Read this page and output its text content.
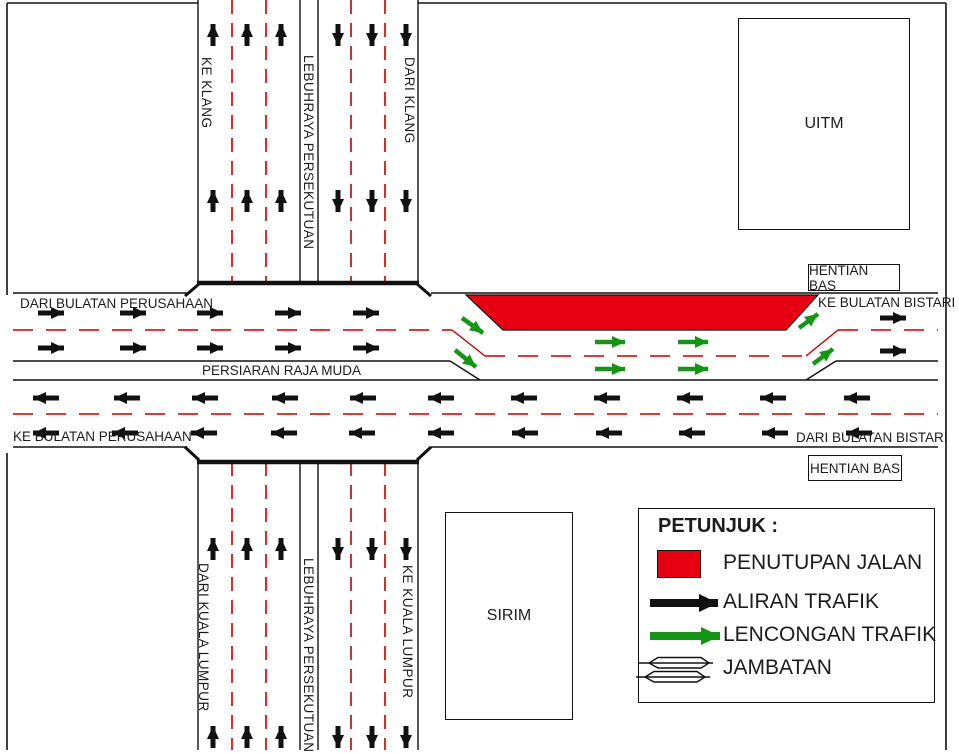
KE KLANG	LEBUHRAYA PERSEKUTUAN	DARI KLANG
DARI KUALA LUMPUR	LEBUHRAYA PERSEKUTUAN	KE KUALA LUMPUR
DARI BULATAN PERUSAHAAN
KE BULATAN PERUSAHAAN
KE BULATAN BISTARI
DARI BULATAN BISTARI
PERSIARAN RAJA MUDA
UITM
SIRIM
HENTIAN BAS
HENTIAN BAS
PETUNJUK :
PENUTUPAN JALAN
ALIRAN TRAFIK
LENCONGAN TRAFIK
JAMBATAN
